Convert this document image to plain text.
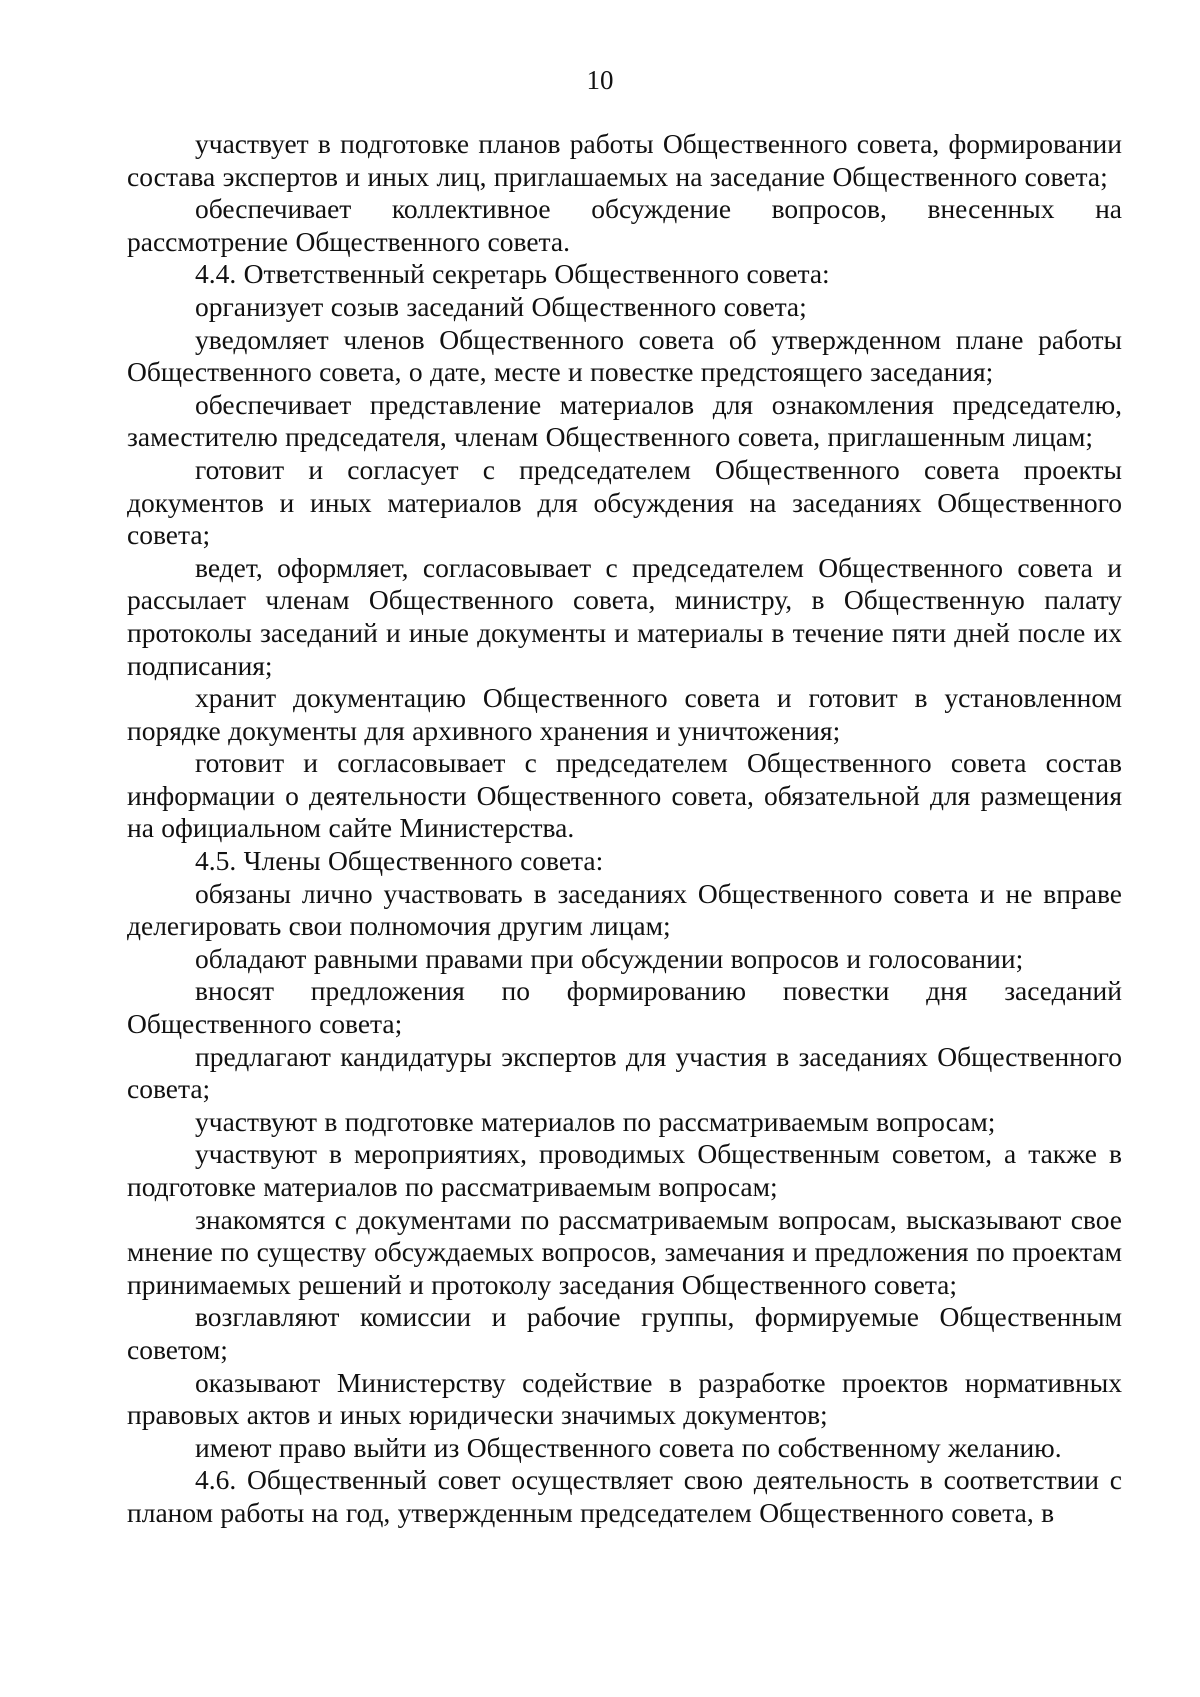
10

участвует в подготовке планов работы Общественного совета, формировании состава экспертов и иных лиц, приглашаемых на заседание Общественного совета;

обеспечивает коллективное обсуждение вопросов, внесенных на рассмотрение Общественного совета.

4.4. Ответственный секретарь Общественного совета:

организует созыв заседаний Общественного совета;

уведомляет членов Общественного совета об утвержденном плане работы Общественного совета, о дате, месте и повестке предстоящего заседания;

обеспечивает представление материалов для ознакомления председателю, заместителю председателя, членам Общественного совета, приглашенным лицам;

готовит и согласует с председателем Общественного совета проекты документов и иных материалов для обсуждения на заседаниях Общественного совета;

ведет, оформляет, согласовывает с председателем Общественного совета и рассылает членам Общественного совета, министру, в Общественную палату протоколы заседаний и иные документы и материалы в течение пяти дней после их подписания;

хранит документацию Общественного совета и готовит в установленном порядке документы для архивного хранения и уничтожения;

готовит и согласовывает с председателем Общественного совета состав информации о деятельности Общественного совета, обязательной для размещения на официальном сайте Министерства.

4.5. Члены Общественного совета:

обязаны лично участвовать в заседаниях Общественного совета и не вправе делегировать свои полномочия другим лицам;

обладают равными правами при обсуждении вопросов и голосовании;

вносят предложения по формированию повестки дня заседаний Общественного совета;

предлагают кандидатуры экспертов для участия в заседаниях Общественного совета;

участвуют в подготовке материалов по рассматриваемым вопросам;

участвуют в мероприятиях, проводимых Общественным советом, а также в подготовке материалов по рассматриваемым вопросам;

знакомятся с документами по рассматриваемым вопросам, высказывают свое мнение по существу обсуждаемых вопросов, замечания и предложения по проектам принимаемых решений и протоколу заседания Общественного совета;

возглавляют комиссии и рабочие группы, формируемые Общественным советом;

оказывают Министерству содействие в разработке проектов нормативных правовых актов и иных юридически значимых документов;

имеют право выйти из Общественного совета по собственному желанию.

4.6. Общественный совет осуществляет свою деятельность в соответствии с планом работы на год, утвержденным председателем Общественного совета, в
